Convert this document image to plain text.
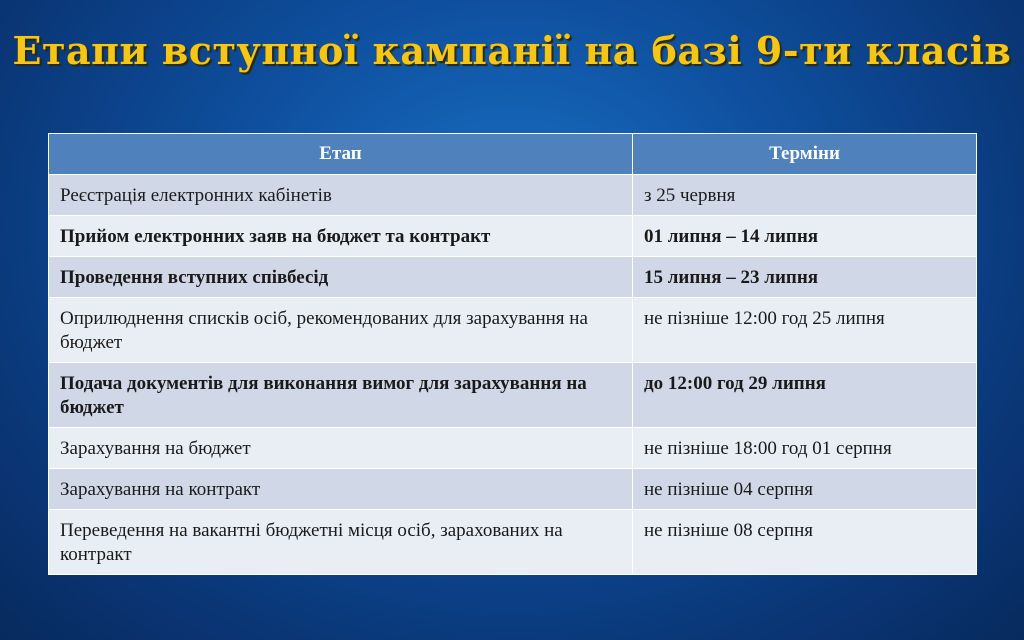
Етапи вступної кампанії на базі 9-ти класів
Етап	Терміни
Реєстрація електронних кабінетів	з 25 червня
Прийом електронних заяв на бюджет та контракт	01 липня – 14 липня
Проведення вступних співбесід	15 липня – 23 липня
Оприлюднення списків осіб, рекомендованих для зарахування на бюджет	не пізніше 12:00 год 25 липня
Подача документів для виконання вимог для зарахування на бюджет	до 12:00 год 29 липня
Зарахування на бюджет	не пізніше 18:00 год 01 серпня
Зарахування на контракт	не пізніше 04 серпня
Переведення на вакантні бюджетні місця осіб, зарахованих на контракт	не пізніше 08 серпня
